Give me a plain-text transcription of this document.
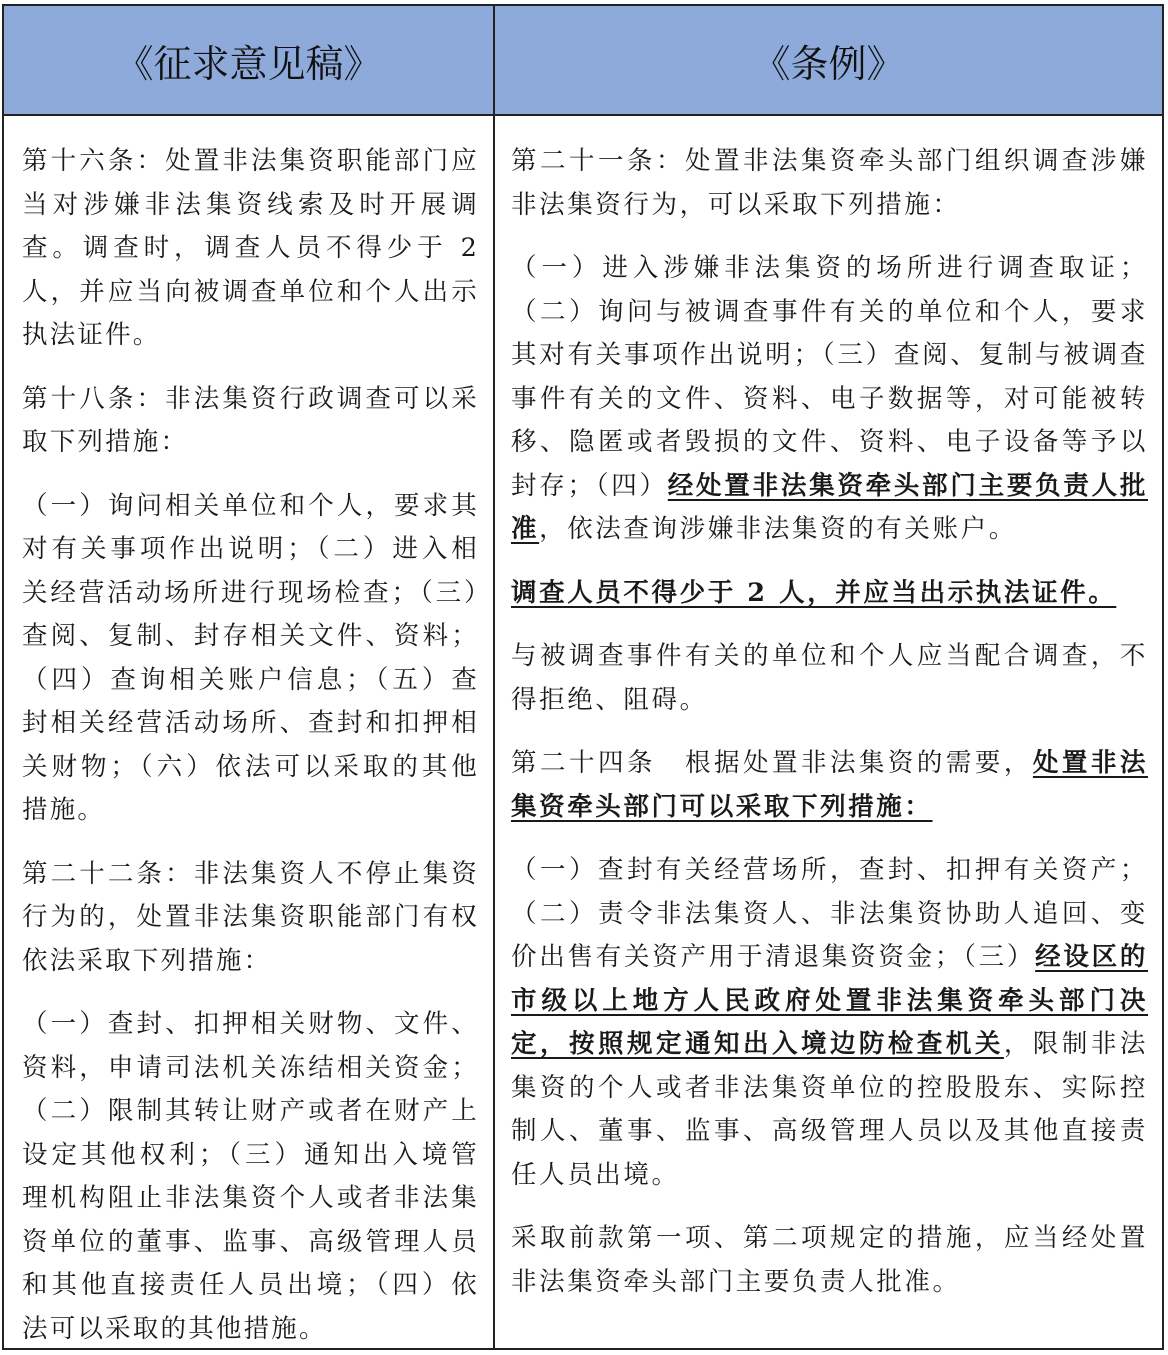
《征求意见稿》	《条例》

第十六条：处置非法集资职能部门应当对涉嫌非法集资线索及时开展调查。调查时，调查人员不得少于 2 人，并应当向被调查单位和个人出示执法证件。

第十八条：非法集资行政调查可以采取下列措施：

（一）询问相关单位和个人，要求其对有关事项作出说明；（二）进入相关经营活动场所进行现场检查；（三）查阅、复制、封存相关文件、资料；（四）查询相关账户信息；（五）查封相关经营活动场所、查封和扣押相关财物；（六）依法可以采取的其他措施。

第二十二条：非法集资人不停止集资行为的，处置非法集资职能部门有权依法采取下列措施：

（一）查封、扣押相关财物、文件、资料，申请司法机关冻结相关资金；（二）限制其转让财产或者在财产上设定其他权利；（三）通知出入境管理机构阻止非法集资个人或者非法集资单位的董事、监事、高级管理人员和其他直接责任人员出境；（四）依法可以采取的其他措施。

第二十一条：处置非法集资牵头部门组织调查涉嫌非法集资行为，可以采取下列措施：

（一）进入涉嫌非法集资的场所进行调查取证；（二）询问与被调查事件有关的单位和个人，要求其对有关事项作出说明；（三）查阅、复制与被调查事件有关的文件、资料、电子数据等，对可能被转移、隐匿或者毁损的文件、资料、电子设备等予以封存；（四）经处置非法集资牵头部门主要负责人批准，依法查询涉嫌非法集资的有关账户。

调查人员不得少于 2 人，并应当出示执法证件。

与被调查事件有关的单位和个人应当配合调查，不得拒绝、阻碍。

第二十四条　根据处置非法集资的需要，处置非法集资牵头部门可以采取下列措施：

（一）查封有关经营场所，查封、扣押有关资产；（二）责令非法集资人、非法集资协助人追回、变价出售有关资产用于清退集资资金；（三）经设区的市级以上地方人民政府处置非法集资牵头部门决定，按照规定通知出入境边防检查机关，限制非法集资的个人或者非法集资单位的控股股东、实际控制人、董事、监事、高级管理人员以及其他直接责任人员出境。

采取前款第一项、第二项规定的措施，应当经处置非法集资牵头部门主要负责人批准。
